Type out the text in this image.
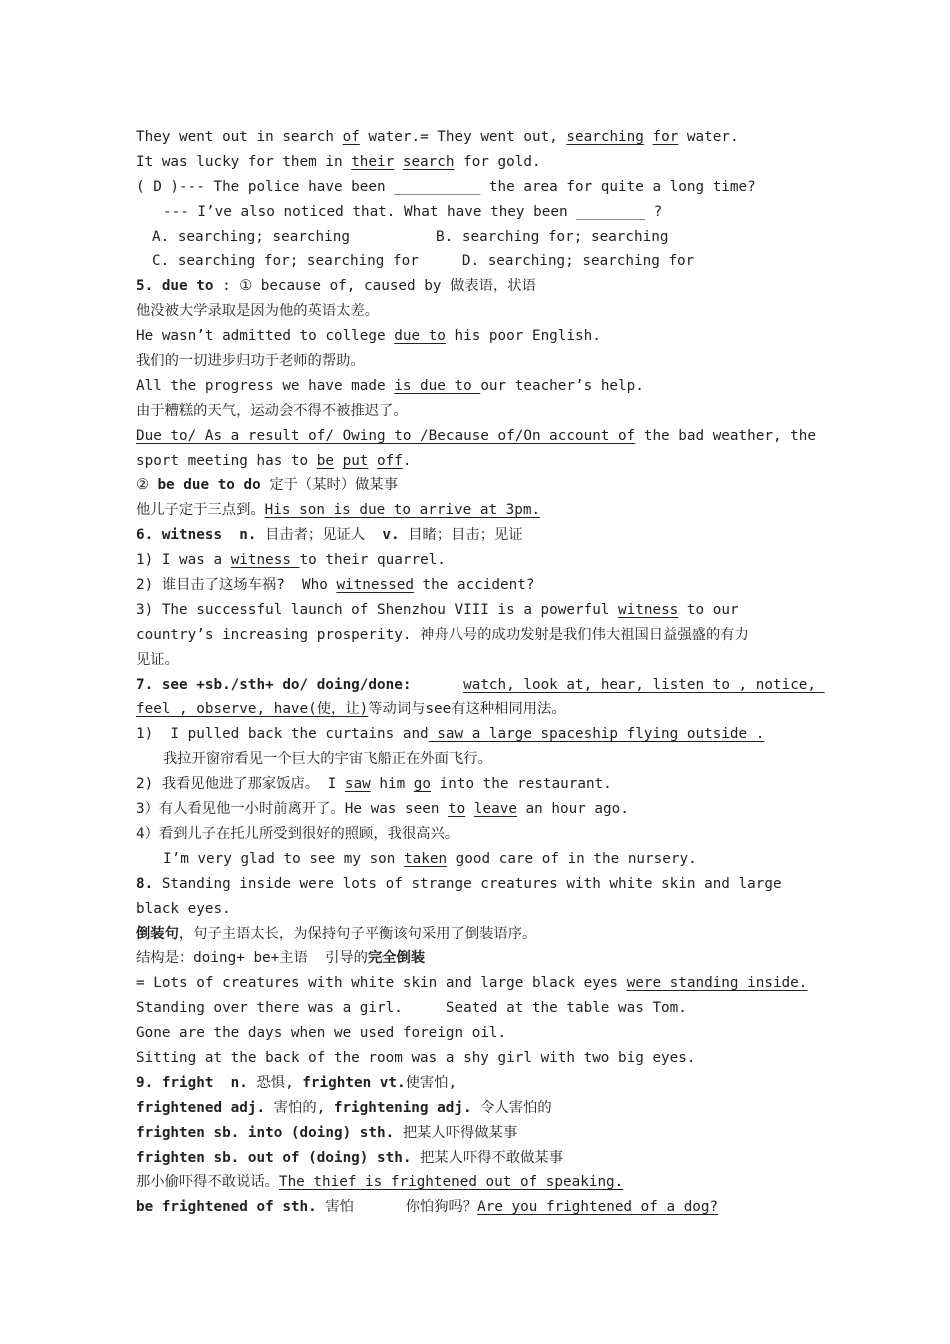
They went out in search of water.= They went out, searching for water.
It was lucky for them in their search for gold.
( D )--- The police have been __________ the area for quite a long time?
--- I’ve also noticed that. What have they been ________ ?
A. searching; searching          B. searching for; searching
C. searching for; searching for     D. searching; searching for
5. due to : ① because of, caused by 做表语，状语
他没被大学录取是因为他的英语太差。
He wasn’t admitted to college due to his poor English.
我们的一切进步归功于老师的帮助。
All the progress we have made is due to our teacher’s help.
由于糟糕的天气，运动会不得不被推迟了。
Due to/ As a result of/ Owing to /Because of/On account of the bad weather, the
sport meeting has to be put off.
② be due to do 定于（某时）做某事
他儿子定于三点到。His son is due to arrive at 3pm.
6. witness  n. 目击者；见证人  v. 目睹；目击；见证
1) I was a witness to their quarrel.
2) 谁目击了这场车祸?  Who witnessed the accident?
3) The successful launch of Shenzhou VIII is a powerful witness to our
country’s increasing prosperity. 神舟八号的成功发射是我们伟大祖国日益强盛的有力
见证。
7. see +sb./sth+ do/ doing/done:	watch, look at, hear, listen to , notice,
feel , observe, have(使，让)等动词与see有这种相同用法。
1)  I pulled back the curtains and saw a large spaceship flying outside .
我拉开窗帘看见一个巨大的宇宙飞船正在外面飞行。
2) 我看见他进了那家饭店。 I saw him go into the restaurant.
3）有人看见他一小时前离开了。He was seen to leave an hour ago.
4）看到儿子在托儿所受到很好的照顾，我很高兴。
I’m very glad to see my son taken good care of in the nursery.
8. Standing inside were lots of strange creatures with white skin and large
black eyes.
倒装句，句子主语太长，为保持句子平衡该句采用了倒装语序。
结构是：doing+ be+主语  引导的完全倒装
= Lots of creatures with white skin and large black eyes were standing inside.
Standing over there was a girl.     Seated at the table was Tom.
Gone are the days when we used foreign oil.
Sitting at the back of the room was a shy girl with two big eyes.
9. fright  n. 恐惧, frighten vt.使害怕,
frightened adj. 害怕的, frightening adj. 令人害怕的
frighten sb. into (doing) sth. 把某人吓得做某事
frighten sb. out of (doing) sth. 把某人吓得不敢做某事
那小偷吓得不敢说话。The thief is frightened out of speaking.
be frightened of sth. 害怕      你怕狗吗？Are you frightened of a dog?
